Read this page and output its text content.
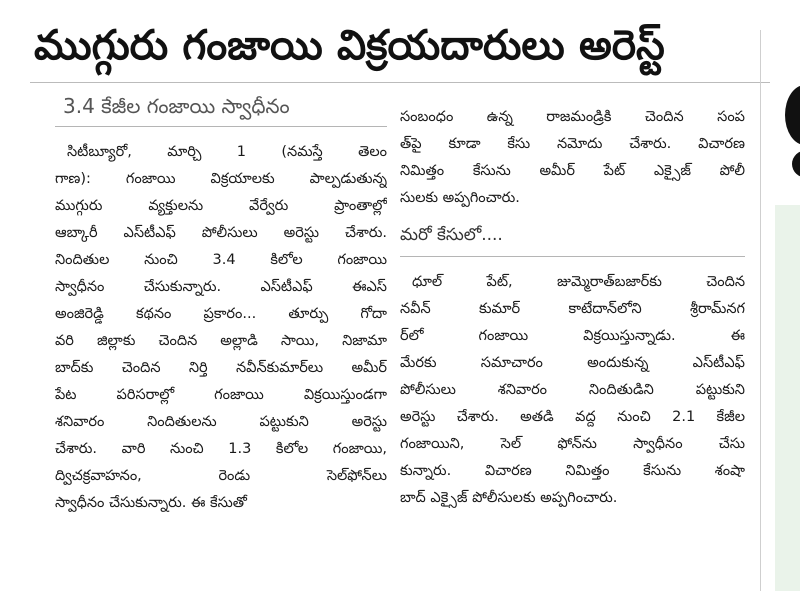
ముగ్గురు గంజాయి విక్రయదారులు అరెస్ట్
3.4 కేజీల గంజాయి స్వాధీనం
సిటీబ్యూరో, మార్చి 1 (నమస్తే తెలం
గాణ): గంజాయి విక్రయాలకు పాల్పడుతున్న
ముగ్గురు వ్యక్తులను వేర్వేరు ప్రాంతాల్లో
ఆబ్కారీ ఎస్‌టీఎఫ్ పోలీసులు అరెస్టు చేశారు.
నిందితుల నుంచి 3.4 కిలోల గంజాయి
స్వాధీనం చేసుకున్నారు. ఎస్‌టీఎఫ్ ఈఎస్
అంజిరెడ్డి కథనం ప్రకారం... తూర్పు గోదా
వరి జిల్లాకు చెందిన అల్లాడి సాయి, నిజామా
బాద్‌కు చెందిన నిర్తి నవీన్‌కుమార్‌లు అమీర్
పేట పరిసరాల్లో గంజాయి విక్రయిస్తుండగా
శనివారం నిందితులను పట్టుకుని అరెస్టు
చేశారు. వారి నుంచి 1.3 కిలోల గంజాయి,
ద్విచక్రవాహనం, రెండు సెల్‌ఫోన్‌లు
స్వాధీనం చేసుకున్నారు. ఈ కేసుతో
సంబంధం ఉన్న రాజమండ్రికి చెందిన సంప
త్‌పై కూడా కేసు నమోదు చేశారు. విచారణ
నిమిత్తం కేసును అమీర్ పేట్ ఎక్సైజ్ పోలీ
సులకు అప్పగించారు.
మరో కేసులో....
ధూల్ పేట్, జుమ్మెరాత్‌బజార్‌కు చెందిన
నవీన్ కుమార్ కాటేదాన్‌లోని శ్రీరామ్‌నగ
ర్‌లో గంజాయి విక్రయిస్తున్నాడు. ఈ
మేరకు సమాచారం అందుకున్న ఎస్‌టీఎఫ్
పోలీసులు శనివారం నిందితుడిని పట్టుకుని
అరెస్టు చేశారు. అతడి వద్ద నుంచి 2.1 కేజీల
గంజాయిని, సెల్ ఫోన్‌ను స్వాధీనం చేసు
కున్నారు. విచారణ నిమిత్తం కేసును శంషా
బాద్ ఎక్సైజ్ పోలీసులకు అప్పగించారు.
